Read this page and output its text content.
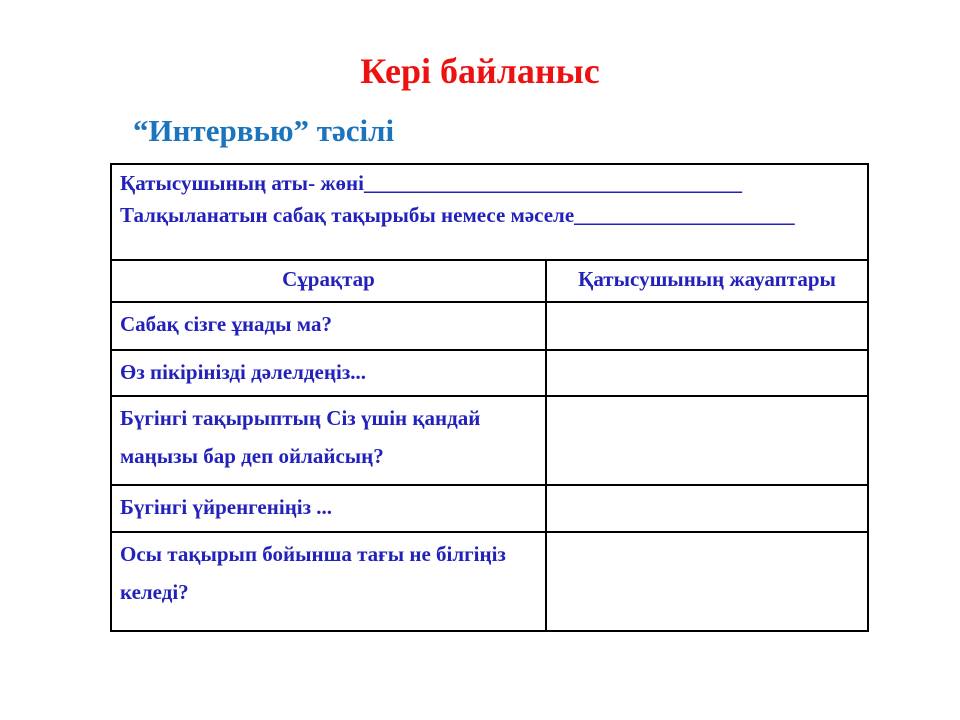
Кері байланыс
“Интервью” тәсілі
Қатысушының аты- жөні____________________________________
Талқыланатын сабақ тақырыбы немесе мәселе_____________________	

Сұрақтар	Қатысушының жауаптары
Сабақ сізге ұнады ма?	
Өз пікірінізді дәлелдеңіз...	
Бүгінгі тақырыптың Сіз үшін қандай маңызы бар деп ойлайсың?	
Бүгінгі үйренгеніңіз ...	
Осы тақырып бойынша тағы не білгіңіз келеді?	
